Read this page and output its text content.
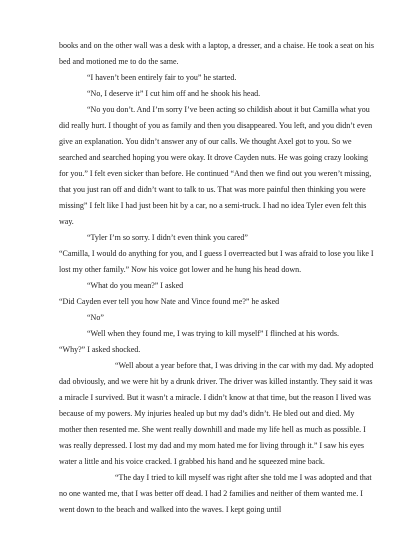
books and on the other wall was a desk with a laptop, a dresser, and a chaise. He took a seat on his bed and motioned me to do the same.

“I haven’t been entirely fair to you” he started.

“No, I deserve it” I cut him off and he shook his head.

“No you don’t. And I’m sorry I’ve been acting so childish about it but Camilla what you did really hurt. I thought of you as family and then you disappeared. You left, and you didn’t even give an explanation. You didn’t answer any of our calls. We thought Axel got to you. So we searched and searched hoping you were okay. It drove Cayden nuts. He was going crazy looking for you.” I felt even sicker than before. He continued “And then we find out you weren’t missing, that you just ran off and didn’t want to talk to us. That was more painful then thinking you were missing” I felt like I had just been hit by a car, no a semi-truck. I had no idea Tyler even felt this way.

“Tyler I’m so sorry. I didn’t even think you cared”

“Camilla, I would do anything for you, and I guess I overreacted but I was afraid to lose you like I lost my other family.” Now his voice got lower and he hung his head down.

“What do you mean?” I asked

“Did Cayden ever tell you how Nate and Vince found me?” he asked

“No”

“Well when they found me, I was trying to kill myself” I flinched at his words.

“Why?” I asked shocked.

“Well about a year before that, I was driving in the car with my dad. My adopted dad obviously, and we were hit by a drunk driver. The driver was killed instantly. They said it was a miracle I survived. But it wasn’t a miracle. I didn’t know at that time, but the reason I lived was because of my powers. My injuries healed up but my dad’s didn’t. He bled out and died. My mother then resented me. She went really downhill and made my life hell as much as possible. I was really depressed. I lost my dad and my mom hated me for living through it.” I saw his eyes water a little and his voice cracked. I grabbed his hand and he squeezed mine back.

“The day I tried to kill myself was right after she told me I was adopted and that no one wanted me, that I was better off dead. I had 2 families and neither of them wanted me. I went down to the beach and walked into the waves. I kept going until
